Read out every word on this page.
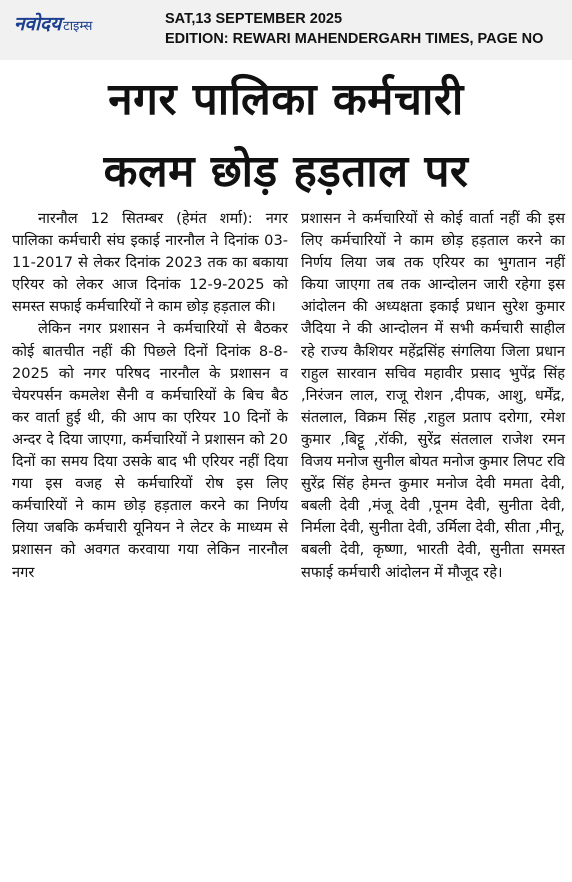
नवोदय टाइम्स	SAT,13 SEPTEMBER 2025
EDITION: REWARI MAHENDERGARH TIMES, PAGE NO
नगर पालिका कर्मचारी
कलम छोड़ हड़ताल पर

नारनौल 12 सितम्बर (हेमंत शर्मा): नगर पालिका कर्मचारी संघ इकाई नारनौल ने दिनांक 03-11-2017 से लेकर दिनांक 2023 तक का बकाया एरियर को लेकर आज दिनांक 12-9-2025 को समस्त सफाई कर्मचारियों ने काम छोड़ हड़ताल की।

लेकिन नगर प्रशासन ने कर्मचारियों से बैठकर कोई बातचीत नहीं की पिछले दिनों दिनांक 8-8-2025 को नगर परिषद नारनौल के प्रशासन व चेयरपर्सन कमलेश सैनी व कर्मचारियों के बिच बैठ कर वार्ता हुई थी, की आप का एरियर 10 दिनों के अन्दर दे दिया जाएगा, कर्मचारियों ने प्रशासन को 20 दिनों का समय दिया उसके बाद भी एरियर नहीं दिया गया इस वजह से कर्मचारियों रोष इस लिए कर्मचारियों ने काम छोड़ हड़ताल करने का निर्णय लिया जबकि कर्मचारी यूनियन ने लेटर के माध्यम से प्रशासन को अवगत करवाया गया लेकिन नारनौल नगर

प्रशासन ने कर्मचारियों से कोई वार्ता नहीं की इस लिए कर्मचारियों ने काम छोड़ हड़ताल करने का निर्णय लिया जब तक एरियर का भुगतान नहीं किया जाएगा तब तक आन्दोलन जारी रहेगा इस आंदोलन की अध्यक्षता इकाई प्रधान सुरेश कुमार जैदिया ने की आन्दोलन में सभी कर्मचारी साहील रहे राज्य कैशियर महेंद्रसिंह संगलिया जिला प्रधान राहुल सारवान सचिव महावीर प्रसाद भुपेंद्र सिंह ,निरंजन लाल, राजू रोशन ,दीपक, आशु, धर्मेंद्र, संतलाल, विक्रम सिंह ,राहुल प्रताप दरोगा, रमेश कुमार ,बिट्टू ,रॉकी, सुरेंद्र संतलाल राजेश रमन विजय मनोज सुनील बोयत मनोज कुमार लिपट रवि सुरेंद्र सिंह हेमन्त कुमार मनोज देवी ममता देवी, बबली देवी ,मंजू देवी ,पूनम देवी, सुनीता देवी, निर्मला देवी, सुनीता देवी, उर्मिला देवी, सीता ,मीनू, बबली देवी, कृष्णा, भारती देवी, सुनीता समस्त सफाई कर्मचारी आंदोलन में मौजूद रहे।
